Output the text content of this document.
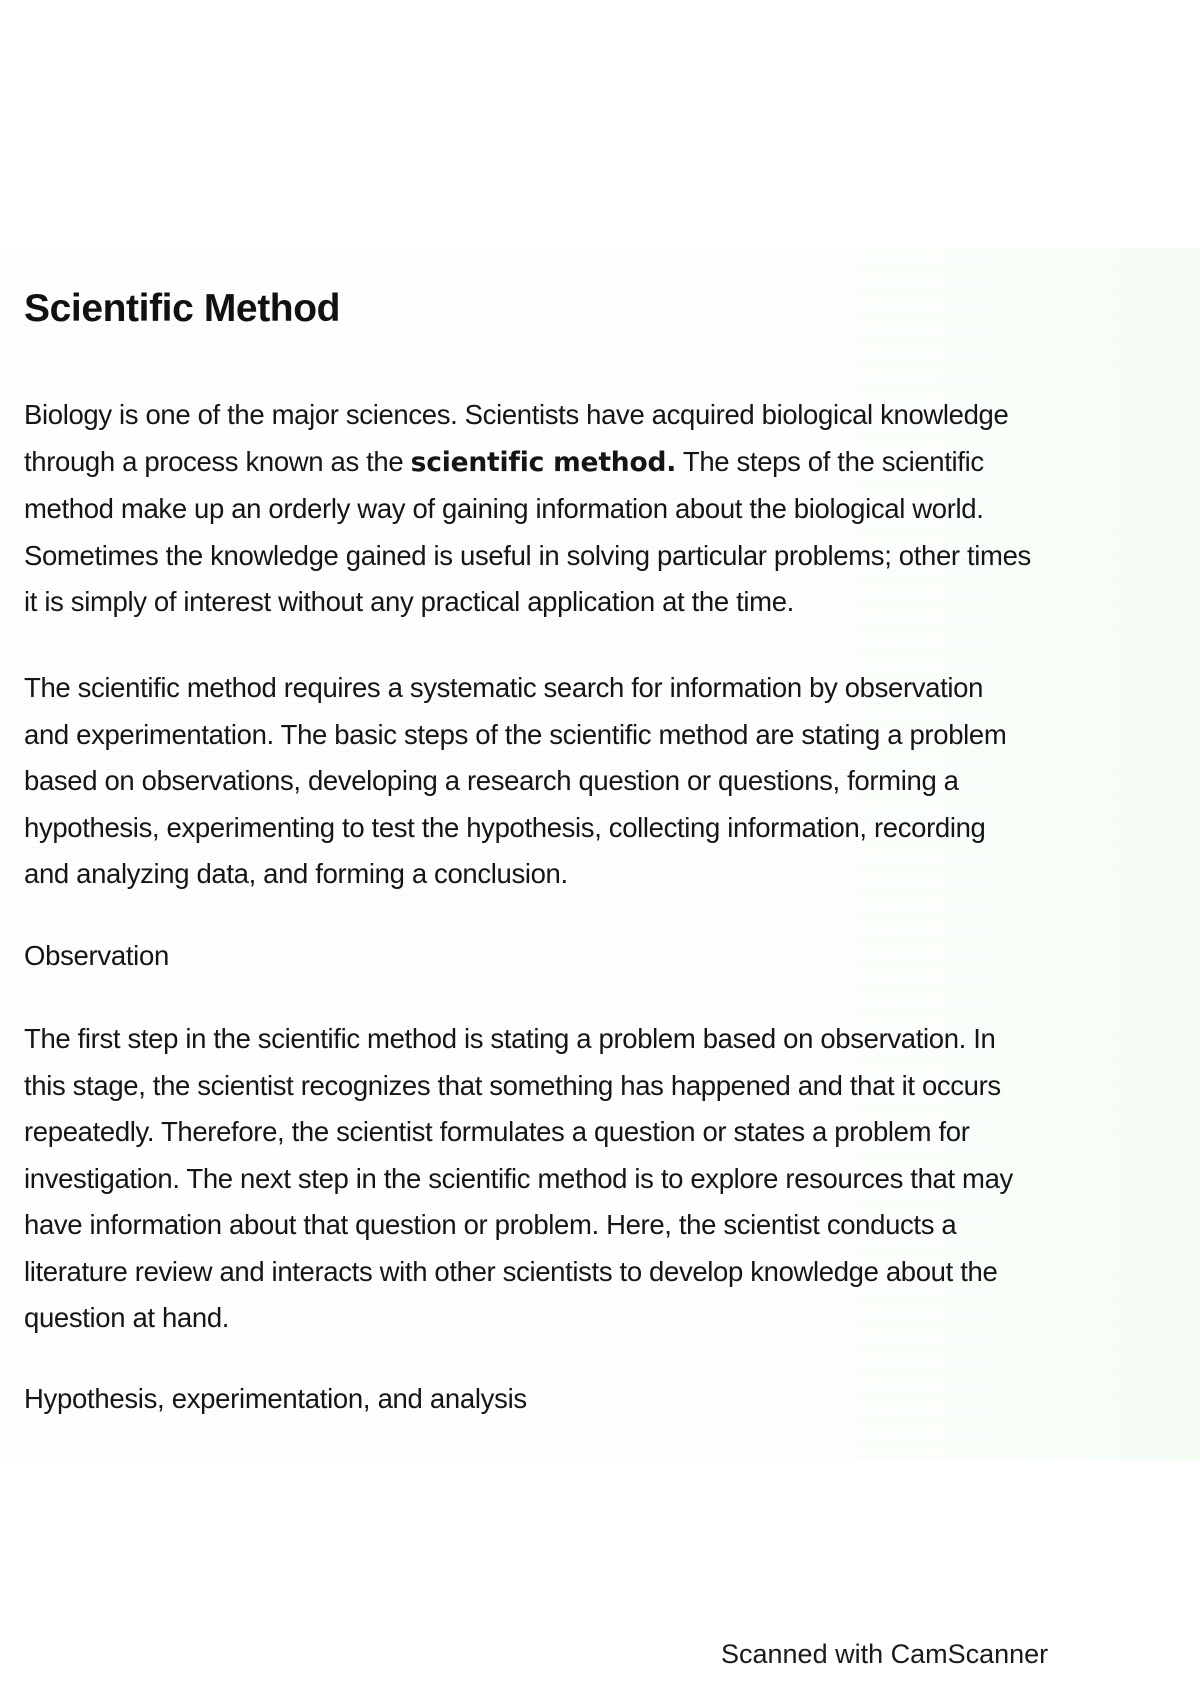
Scientific Method

Biology is one of the major sciences. Scientists have acquired biological knowledge
through a process known as the scientific method. The steps of the scientific
method make up an orderly way of gaining information about the biological world.
Sometimes the knowledge gained is useful in solving particular problems; other times
it is simply of interest without any practical application at the time.

The scientific method requires a systematic search for information by observation
and experimentation. The basic steps of the scientific method are stating a problem
based on observations, developing a research question or questions, forming a
hypothesis, experimenting to test the hypothesis, collecting information, recording
and analyzing data, and forming a conclusion.

Observation

The first step in the scientific method is stating a problem based on observation. In
this stage, the scientist recognizes that something has happened and that it occurs
repeatedly. Therefore, the scientist formulates a question or states a problem for
investigation. The next step in the scientific method is to explore resources that may
have information about that question or problem. Here, the scientist conducts a
literature review and interacts with other scientists to develop knowledge about the
question at hand.

Hypothesis, experimentation, and analysis
Scanned with CamScanner
